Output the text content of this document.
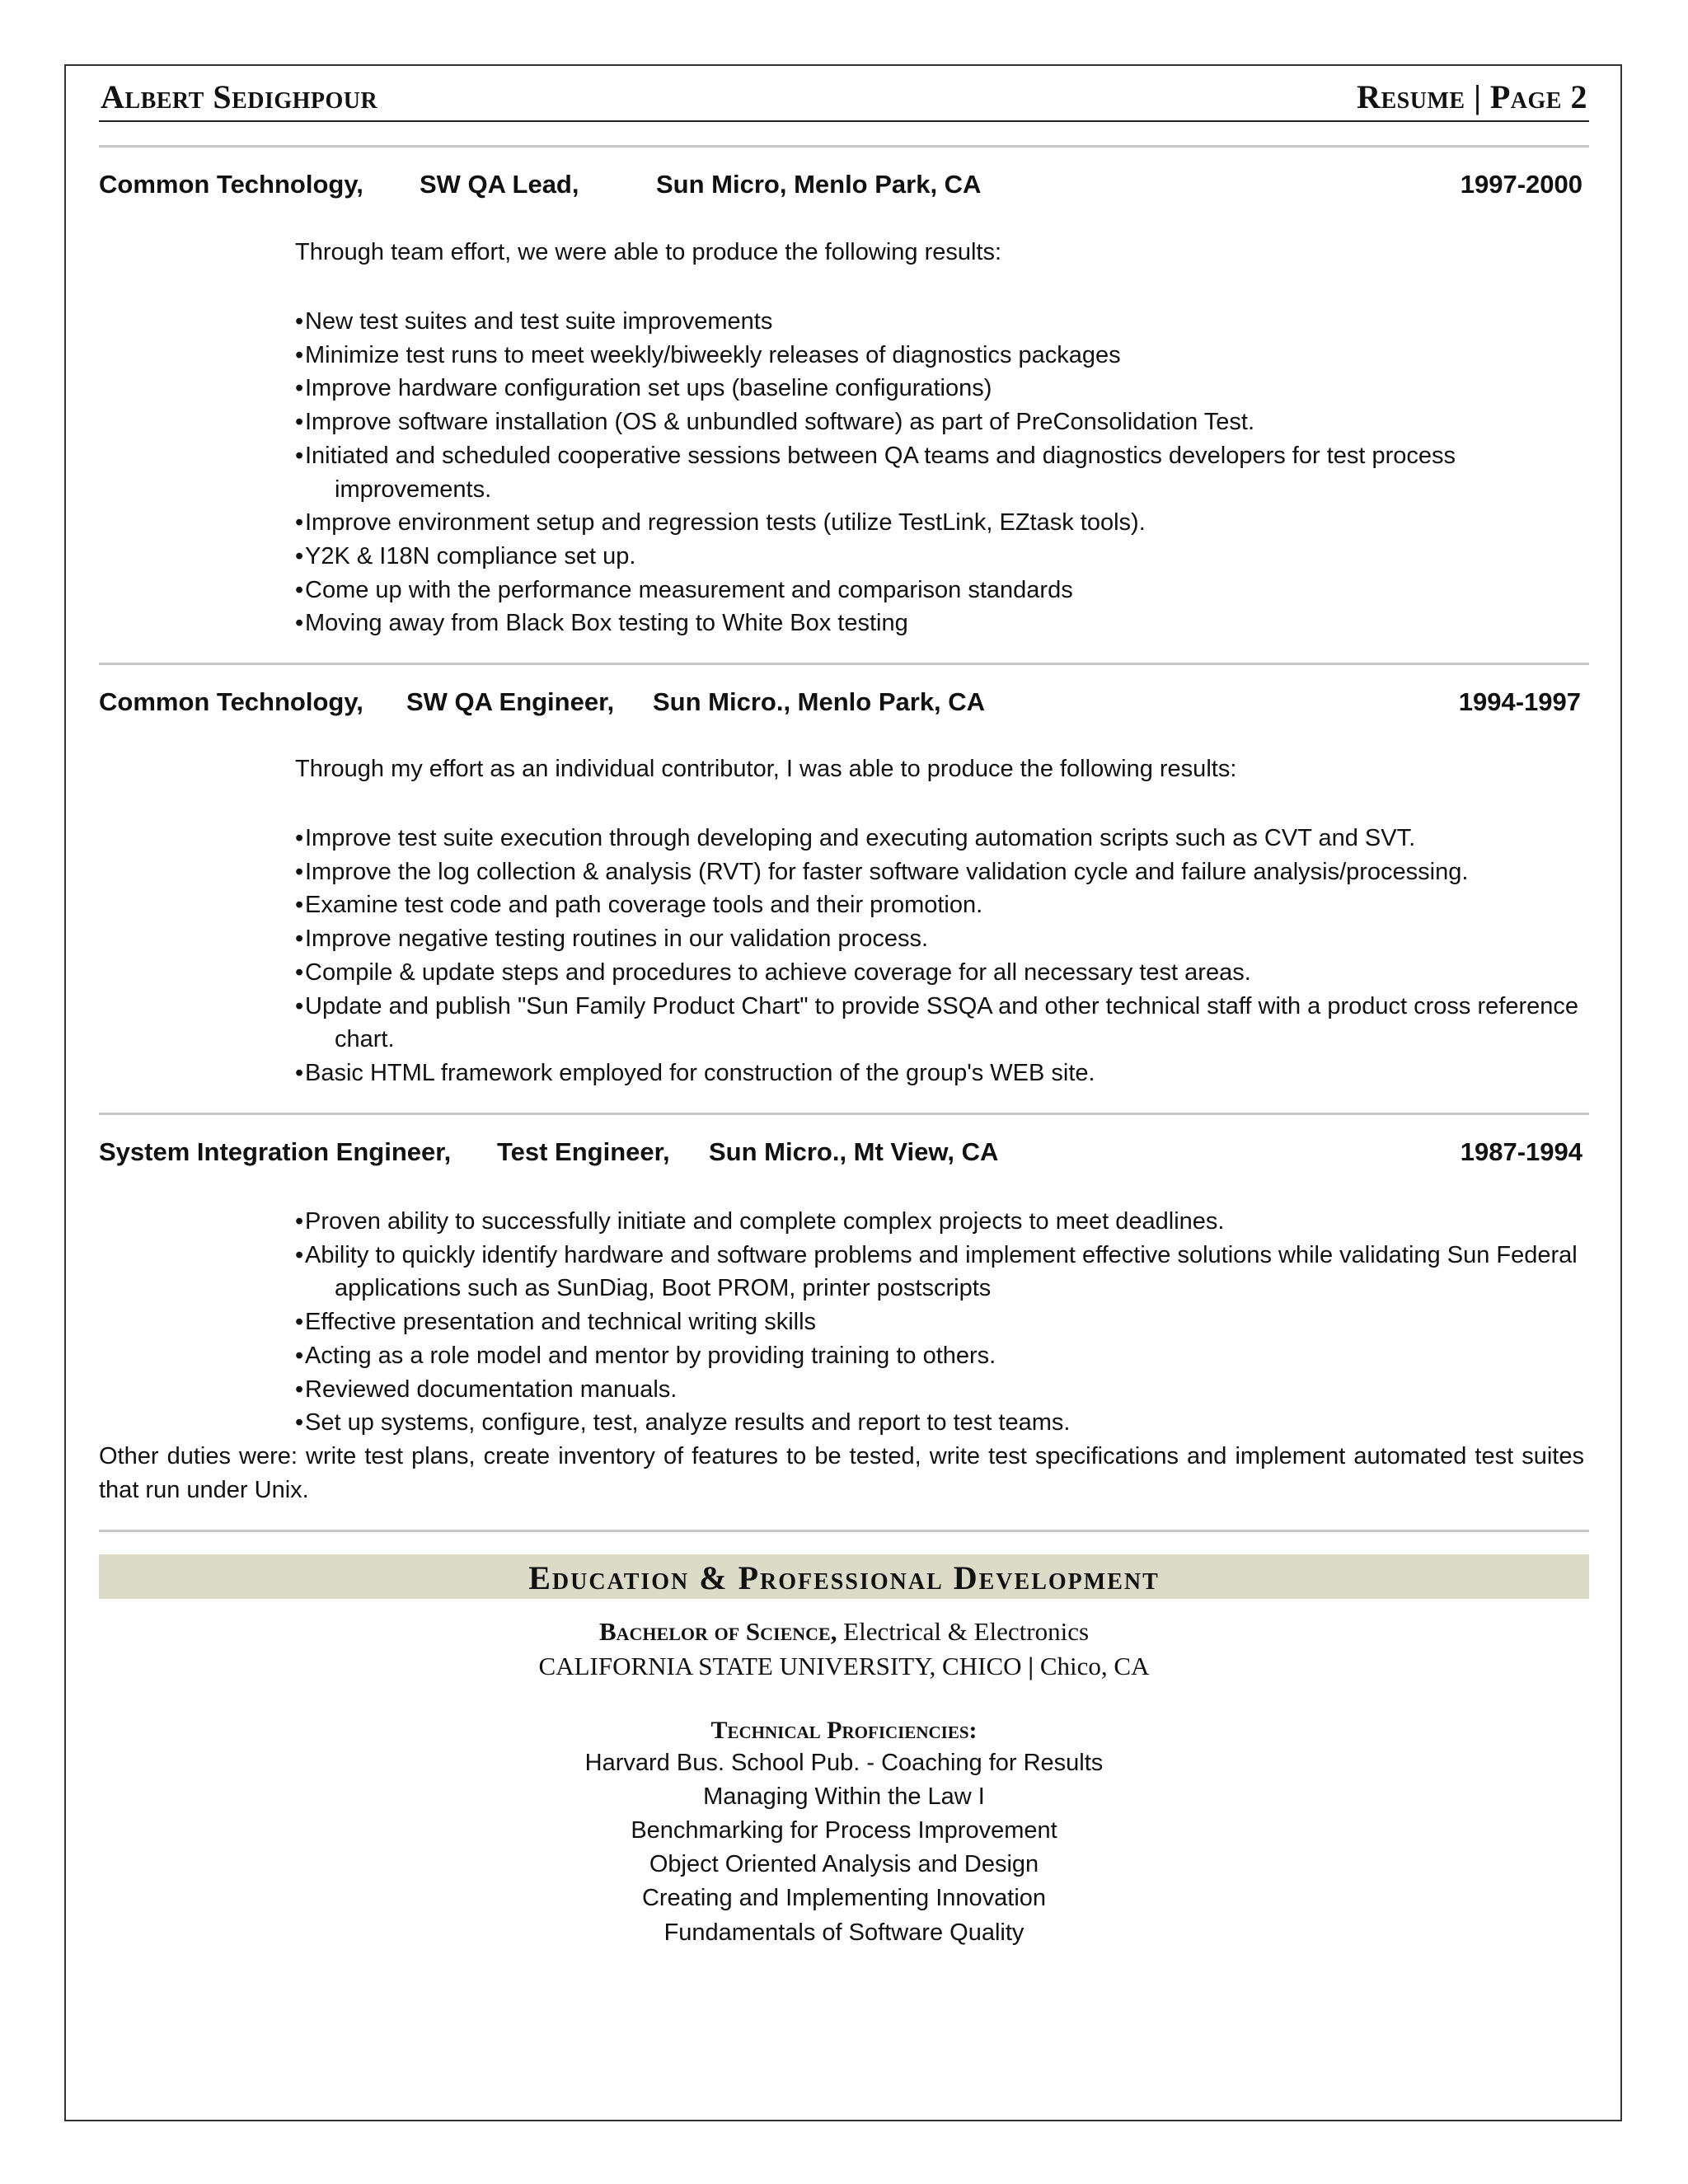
Albert Sedighpour	Resume | Page 2
Common Technology, SW QA Lead,	Sun Micro, Menlo Park, CA	1997-2000
Through team effort, we were able to produce the following results:
• New test suites and test suite improvements
• Minimize test runs to meet weekly/biweekly releases of diagnostics packages
• Improve hardware configuration set ups (baseline configurations)
• Improve software installation (OS & unbundled software) as part of PreConsolidation Test.
• Initiated and scheduled cooperative sessions between QA teams and diagnostics developers for test process improvements.
• Improve environment setup and regression tests (utilize TestLink, EZtask tools).
• Y2K & I18N compliance set up.
• Come up with the performance measurement and comparison standards
• Moving away from Black Box testing to White Box testing
Common Technology, SW QA Engineer, Sun Micro., Menlo Park, CA	1994-1997
Through my effort as an individual contributor, I was able to produce the following results:
• Improve test suite execution through developing and executing automation scripts such as CVT and SVT.
• Improve the log collection & analysis (RVT) for faster software validation cycle and failure analysis/processing.
• Examine test code and path coverage tools and their promotion.
• Improve negative testing routines in our validation process.
• Compile & update steps and procedures to achieve coverage for all necessary test areas.
• Update and publish "Sun Family Product Chart" to provide SSQA and other technical staff with a product cross reference chart.
• Basic HTML framework employed for construction of the group's WEB site.
System Integration Engineer, Test Engineer, Sun Micro., Mt View, CA	1987-1994
• Proven ability to successfully initiate and complete complex projects to meet deadlines.
• Ability to quickly identify hardware and software problems and implement effective solutions while validating Sun Federal applications such as SunDiag, Boot PROM, printer postscripts
• Effective presentation and technical writing skills
• Acting as a role model and mentor by providing training to others.
• Reviewed documentation manuals.
• Set up systems, configure, test, analyze results and report to test teams.
Other duties were: write test plans, create inventory of features to be tested, write test specifications and implement automated test suites that run under Unix.
Education & Professional Development
Bachelor of Science, Electrical & Electronics
CALIFORNIA STATE UNIVERSITY, CHICO | Chico, CA
Technical Proficiencies:
Harvard Bus. School Pub. - Coaching for Results
Managing Within the Law I
Benchmarking for Process Improvement
Object Oriented Analysis and Design
Creating and Implementing Innovation
Fundamentals of Software Quality
